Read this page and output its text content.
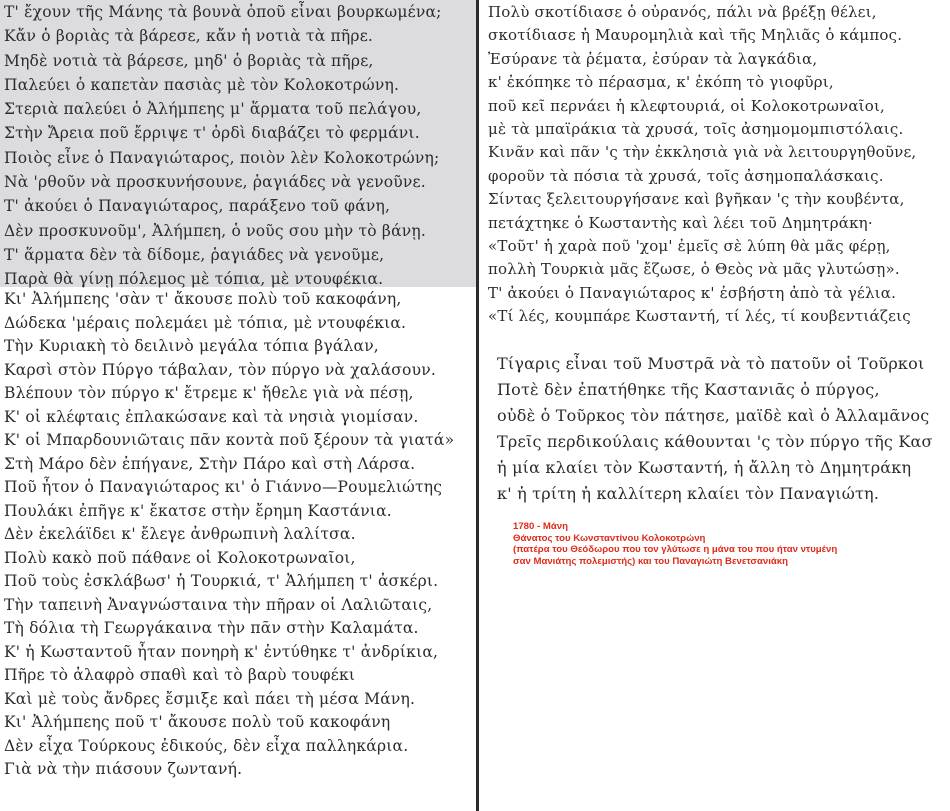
Τ' ἔχουν τῆς Μάνης τὰ βουνὰ ὁποῦ εἶναι βουρκωμένα;
Κἄν ὁ βοριὰς τὰ βάρεσε, κἄν ἡ νοτιὰ τὰ πῆρε.
Μηδὲ νοτιὰ τὰ βάρεσε, μηδ' ὁ βοριὰς τὰ πῆρε,
Παλεύει ὁ καπετὰν πασιὰς μὲ τὸν Κολοκοτρώνη.
Στεριὰ παλεύει ὁ Ἀλήμπεης μ' ἅρματα τοῦ πελάγου,
Στὴν Ἄρεια ποῦ ἔρριψε τ' ὀρδὶ διαβάζει τὸ φερμάνι.
Ποιὸς εἶνε ὁ Παναγιώταρος, ποιὸν λὲν Κολοκοτρώνη;
Νὰ 'ρθοῦν νὰ προσκυνήσουνε, ῥαγιάδες νὰ γενοῦνε.
Τ' ἀκούει ὁ Παναγιώταρος, παράξενο τοῦ φάνη,
Δὲν προσκυνοῦμ', Ἀλήμπεη, ὁ νοῦς σου μὴν τὸ βάνῃ.
Τ' ἅρματα δὲν τὰ δίδομε, ῥαγιάδες νὰ γενοῦμε,
Παρὰ θὰ γίνῃ πόλεμος μὲ τόπια, μὲ ντουφέκια.
Κι' Ἀλήμπεης 'σὰν τ' ἄκουσε πολὺ τοῦ κακοφάνη,
Δώδεκα 'μέραις πολεμάει μὲ τόπια, μὲ ντουφέκια.
Τὴν Κυριακὴ τὸ δειλινὸ μεγάλα τόπια βγάλαν,
Καρσὶ στὸν Πύργο τάβαλαν, τὸν πύργο νὰ χαλάσουν.
Βλέπουν τὸν πύργο κ' ἔτρεμε κ' ἤθελε γιὰ νὰ πέσῃ,
Κ' οἱ κλέφταις ἐπλακώσανε καὶ τὰ νησιὰ γιομίσαν.
Κ' οἱ Μπαρδουνιῶταις πᾶν κοντὰ ποῦ ξέρουν τὰ γιατά»
Στὴ Μάρο δὲν ἐπήγανε, Στὴν Πάρο καὶ στὴ Λάρσα.
Ποῦ ἦτον ὁ Παναγιώταρος κι' ὁ Γιάννο—Ρουμελιώτης
Πουλάκι ἐπῆγε κ' ἔκατσε στὴν ἔρημη Καστάνια.
Δὲν ἐκελάϊδει κ' ἔλεγε ἀνθρωπινὴ λαλίτσα.
Πολὺ κακὸ ποῦ πάθανε οἱ Κολοκοτρωναῖοι,
Ποῦ τοὺς ἐσκλάβωσ' ἡ Τουρκιά, τ' Ἀλήμπεη τ' ἀσκέρι.
Τὴν ταπεινὴ Ἀναγνώσταινα τὴν πῆραν οἱ Λαλιῶταις,
Τὴ δόλια τὴ Γεωργάκαινα τὴν πᾶν στὴν Καλαμάτα.
Κ' ἡ Κωσταντοῦ ἦταν πονηρὴ κ' ἐντύθηκε τ' ἀνδρίκια,
Πῆρε τὸ ἀλαφρὸ σπαθὶ καὶ τὸ βαρὺ τουφέκι
Καὶ μὲ τοὺς ἄνδρες ἔσμιξε καὶ πάει τὴ μέσα Μάνη.
Κι' Ἀλήμπεης ποῦ τ' ἄκουσε πολὺ τοῦ κακοφάνη
Δὲν εἶχα Τούρκους ἐδικούς, δὲν εἶχα παλληκάρια.
Γιὰ νὰ τὴν πιάσουν ζωντανή.
Πολὺ σκοτίδιασε ὁ οὐρανός, πάλι νὰ βρέξῃ θέλει,
σκοτίδιασε ἡ Μαυρομηλιὰ καὶ τῆς Μηλιᾶς ὁ κάμπος.
Ἐσύρανε τὰ ῥέματα, ἐσύραν τὰ λαγκάδια,
κ' ἐκόπηκε τὸ πέρασμα, κ' ἐκόπη τὸ γιοφῦρι,
ποῦ κεῖ περνάει ἡ κλεφτουριά, οἱ Κολοκοτρωναῖοι,
μὲ τὰ μπαϊράκια τὰ χρυσά, τοῖς ἀσημομομπιστόλαις.
Κινᾶν καὶ πᾶν 'ς τὴν ἐκκλησιὰ γιὰ νὰ λειτουργηθοῦνε,
φοροῦν τὰ πόσια τὰ χρυσά, τοῖς ἀσημοπαλάσκαις.
Σίντας ξελειτουργήσανε καὶ βγῆκαν 'ς τὴν κουβέντα,
πετάχτηκε ὁ Κωσταντὴς καὶ λέει τοῦ Δημητράκη·
«Τοῦτ' ἡ χαρὰ ποῦ 'χομ' ἐμεῖς σὲ λύπη θὰ μᾶς φέρῃ,
πολλὴ Τουρκιὰ μᾶς ἔζωσε, ὁ Θεὸς νὰ μᾶς γλυτώσῃ».
Τ' ἀκούει ὁ Παναγιώταρος κ' ἐσβήστη ἀπὸ τὰ γέλια.
«Τί λές, κουμπάρε Κωσταντή, τί λές, τί κουβεντιάζεις
Τίγαρις εἶναι τοῦ Μυστρᾶ νὰ τὸ πατοῦν οἱ Τοῦρκοι
Ποτὲ δὲν ἐπατήθηκε τῆς Καστανιᾶς ὁ πύργος,
οὐδὲ ὁ Τοῦρκος τὸν πάτησε, μαϊδὲ καὶ ὁ Ἀλλαμᾶνος
Τρεῖς περδικούλαις κάθουνται 'ς τὸν πύργο τῆς Κασ
ἡ μία κλαίει τὸν Κωσταντή, ἡ ἄλλη τὸ Δημητράκη
κ' ἡ τρίτη ἡ καλλίτερη κλαίει τὸν Παναγιώτη.
1780 - Μάνη
Θάνατος του Κωνσταντίνου Κολοκοτρώνη
(πατέρα του Θεόδωρου που τον γλύτωσε η μάνα του που ήταν ντυμένη
σαν Μανιάτης πολεμιστής) και του Παναγιώτη Βενετσανιάκη
